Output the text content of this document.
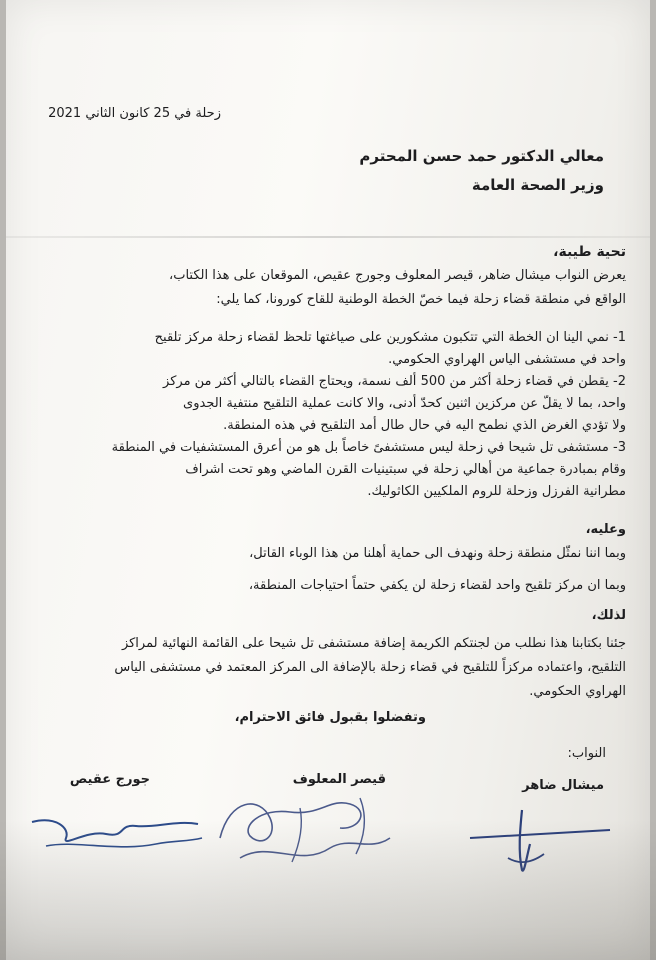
زحلة في 25 كانون الثاني 2021
معالي الدكتور حمد حسن المحترم
وزير الصحة العامة
تحية طيبة،
يعرض النواب ميشال ضاهر، قيصر المعلوف وجورج عقيص، الموقعان على هذا الكتاب،
الواقع في منطقة قضاء زحلة فيما خصّ الخطة الوطنية للقاح كورونا، كما يلي:
1- نمي الينا ان الخطة التي تتكبون مشكورين على صياغتها تلحظ لقضاء زحلة مركز تلقيح
واحد في مستشفى الياس الهراوي الحكومي.
2- يقطن في قضاء زحلة أكثر من 500 ألف نسمة، ويحتاج القضاء بالتالي أكثر من مركز
واحد، بما لا يقلّ عن مركزين اثنين كحدّ أدنى، والا كانت عملية التلقيح منتفية الجدوى
ولا تؤدي الغرض الذي نطمح اليه في حال طال أمد التلقيح في هذه المنطقة.
3- مستشفى تل شيحا في زحلة ليس مستشفىً خاصاً بل هو من أعرق المستشفيات في المنطقة
وقام بمبادرة جماعية من أهالي زحلة في سبتينيات القرن الماضي وهو تحت اشراف
مطرانية الفرزل وزحلة للروم الملكيين الكاثوليك.
وعليه،
وبما اننا نمثّل منطقة زحلة ونهدف الى حماية أهلنا من هذا الوباء القاتل،
وبما ان مركز تلقيح واحد لقضاء زحلة لن يكفي حتماً احتياجات المنطقة،
لذلك،
جئنا بكتابنا هذا نطلب من لجنتكم الكريمة إضافة مستشفى تل شيحا على القائمة النهائية لمراكز
التلقيح، واعتماده مركزاً للتلقيح في قضاء زحلة بالإضافة الى المركز المعتمد في مستشفى الياس
الهراوي الحكومي.
وتفضلوا بقبول فائق الاحترام،
النواب:
ميشال ضاهر
قيصر المعلوف
جورج عقيص
